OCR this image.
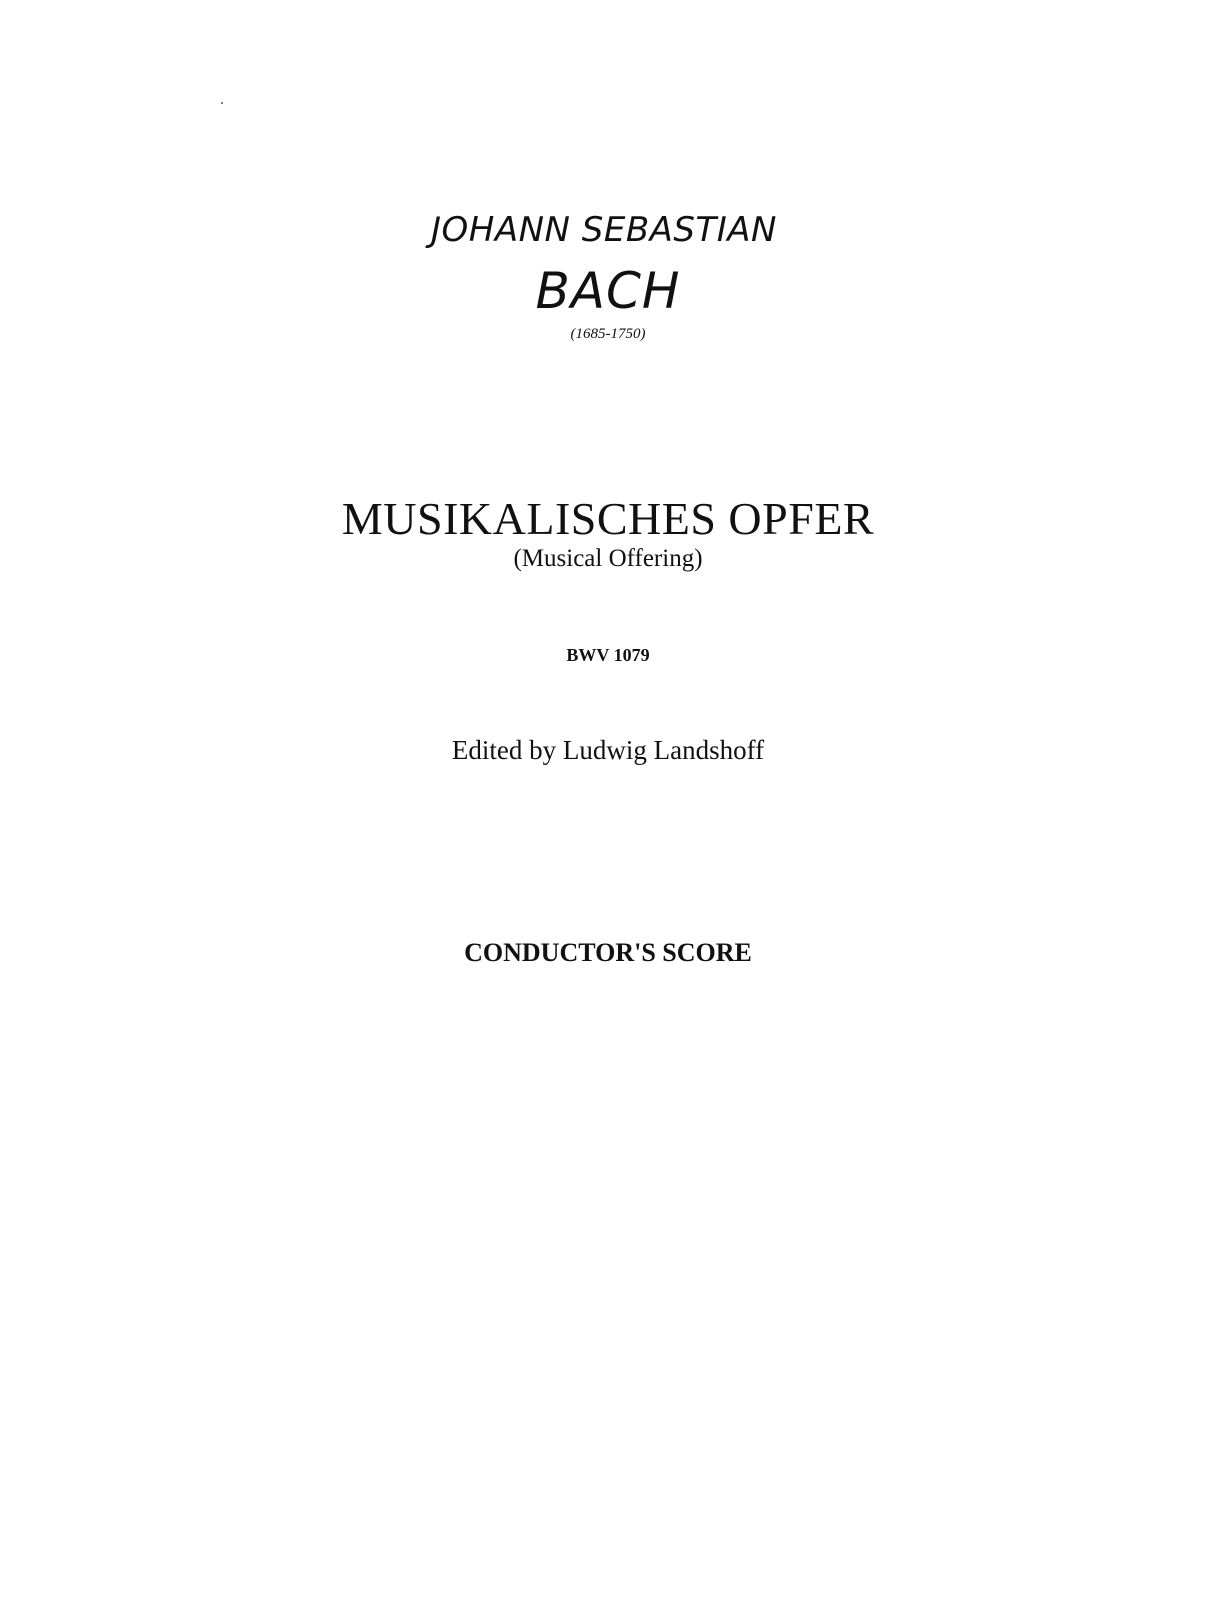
JOHANN SEBASTIAN
BACH
(1685-1750)
MUSIKALISCHES OPFER
(Musical Offering)
BWV 1079
Edited by Ludwig Landshoff
CONDUCTOR'S SCORE
